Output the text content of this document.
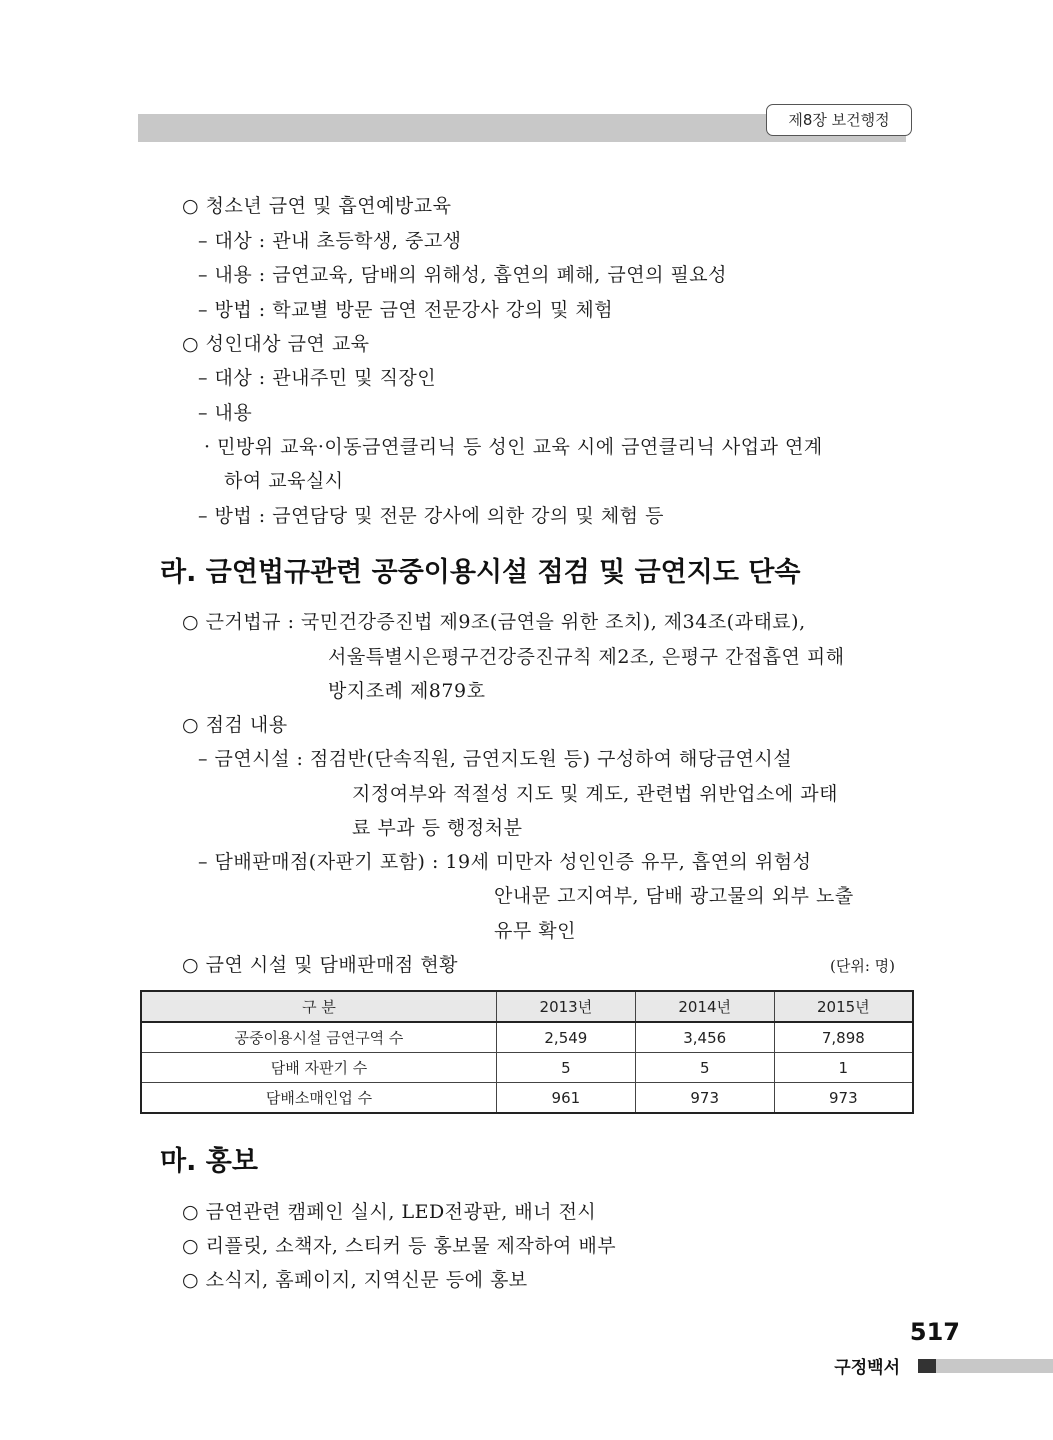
제8장 보건행정
○ 청소년 금연 및 흡연예방교육
– 대상 : 관내 초등학생, 중고생
– 내용 : 금연교육, 담배의 위해성, 흡연의 폐해, 금연의 필요성
– 방법 : 학교별 방문 금연 전문강사 강의 및 체험
○ 성인대상 금연 교육
– 대상 : 관내주민 및 직장인
– 내용
· 민방위 교육·이동금연클리닉 등 성인 교육 시에 금연클리닉 사업과 연계
하여 교육실시
– 방법 : 금연담당 및 전문 강사에 의한 강의 및 체험 등
라. 금연법규관련 공중이용시설 점검 및 금연지도 단속
○ 근거법규 : 국민건강증진법 제9조(금연을 위한 조치), 제34조(과태료),
서울특별시은평구건강증진규칙 제2조, 은평구 간접흡연 피해
방지조례 제879호
○ 점검 내용
– 금연시설 : 점검반(단속직원, 금연지도원 등) 구성하여 해당금연시설
지정여부와 적절성 지도 및 계도, 관련법 위반업소에 과태
료 부과 등 행정처분
– 담배판매점(자판기 포함) : 19세 미만자 성인인증 유무, 흡연의 위험성
안내문 고지여부, 담배 광고물의 외부 노출
유무 확인
○ 금연 시설 및 담배판매점 현황	(단위: 명)
구 분	2013년	2014년	2015년
공중이용시설 금연구역 수	2,549	3,456	7,898
담배 자판기 수	5	5	1
담배소매인업 수	961	973	973
마. 홍보
○ 금연관련 캠페인 실시, LED전광판, 배너 전시
○ 리플릿, 소책자, 스티커 등 홍보물 제작하여 배부
○ 소식지, 홈페이지, 지역신문 등에 홍보
517
구정백서
